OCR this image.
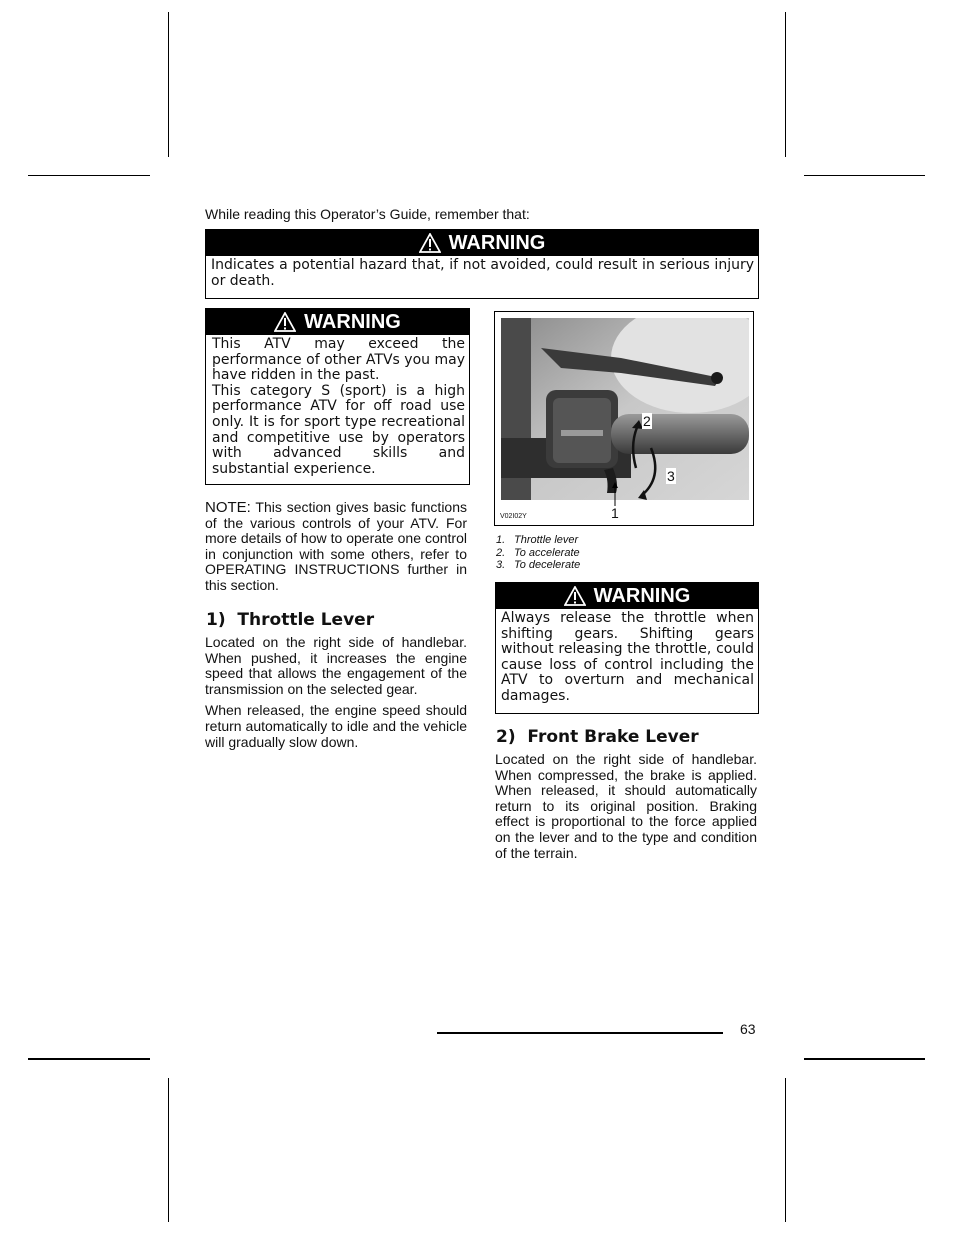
While reading this Operator’s Guide, remember that:
WARNING
Indicates a potential hazard that, if not avoided, could result in serious injury or death.
WARNING

This ATV may exceed the performance of other ATVs you may have ridden in the past.

This category S (sport) is a high performance ATV for off road use only. It is for sport type recreational and competitive use by operators with advanced skills and substantial experience.

NOTE: This section gives basic functions of the various controls of your ATV. For more details of how to operate one control in conjunction with some others, refer to OPERATING INSTRUCTIONS further in this section.
1)  Throttle Lever

Located on the right side of handlebar. When pushed, it increases the engine speed that allows the engagement of the transmission on the selected gear.

When released, the engine speed should return automatically to idle and the vehicle will gradually slow down.

2
3
1
V02I02Y
1. Throttle lever
2. To accelerate
3. To decelerate
WARNING
Always release the throttle when shifting gears. Shifting gears without releasing the throttle, could cause loss of control including the ATV to overturn and mechanical damages.
2)  Front Brake Lever

Located on the right side of handlebar. When compressed, the brake is applied. When released, it should automatically return to its original position. Braking effect is proportional to the force applied on the lever and to the type and condition of the terrain.

63
